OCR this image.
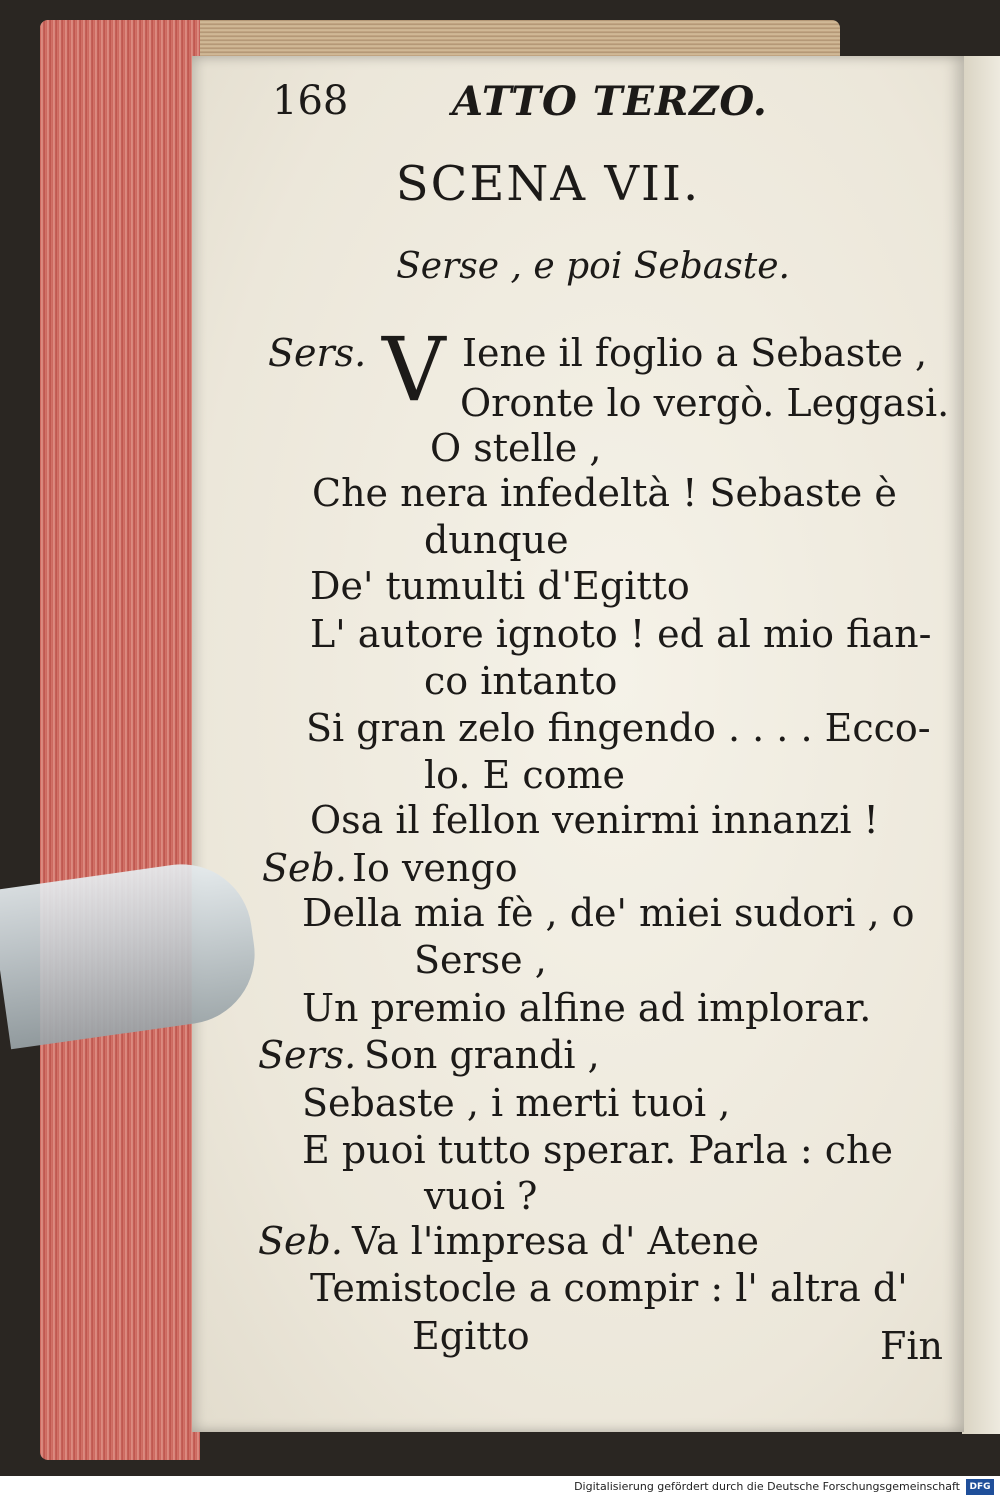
168	ATTO TERZO.
SCENA VII.
Serse , e poi Sebaste.
V
Sers.	Iene il foglio a Sebaste ,
Oronte lo vergò. Leggasi.
O stelle ,
Che nera infedeltà ! Sebaste è
dunque
De' tumulti d'Egitto
L' autore ignoto ! ed al mio fian-
co intanto
Si gran zelo fingendo . . . . Ecco-
lo. E come
Osa il fellon venirmi innanzi !
Seb. Io vengo
Della mia fè , de' miei sudori , o
Serse ,
Un premio alfine ad implorar.
Sers. Son grandi ,
Sebaste , i merti tuoi ,
E puoi tutto sperar. Parla : che
vuoi ?
Seb. Va l'impresa d' Atene
Temistocle a compir : l' altra d'
Egitto	Fin
Digitalisierung gefördert durch die Deutsche Forschungsgemeinschaft	DFG
